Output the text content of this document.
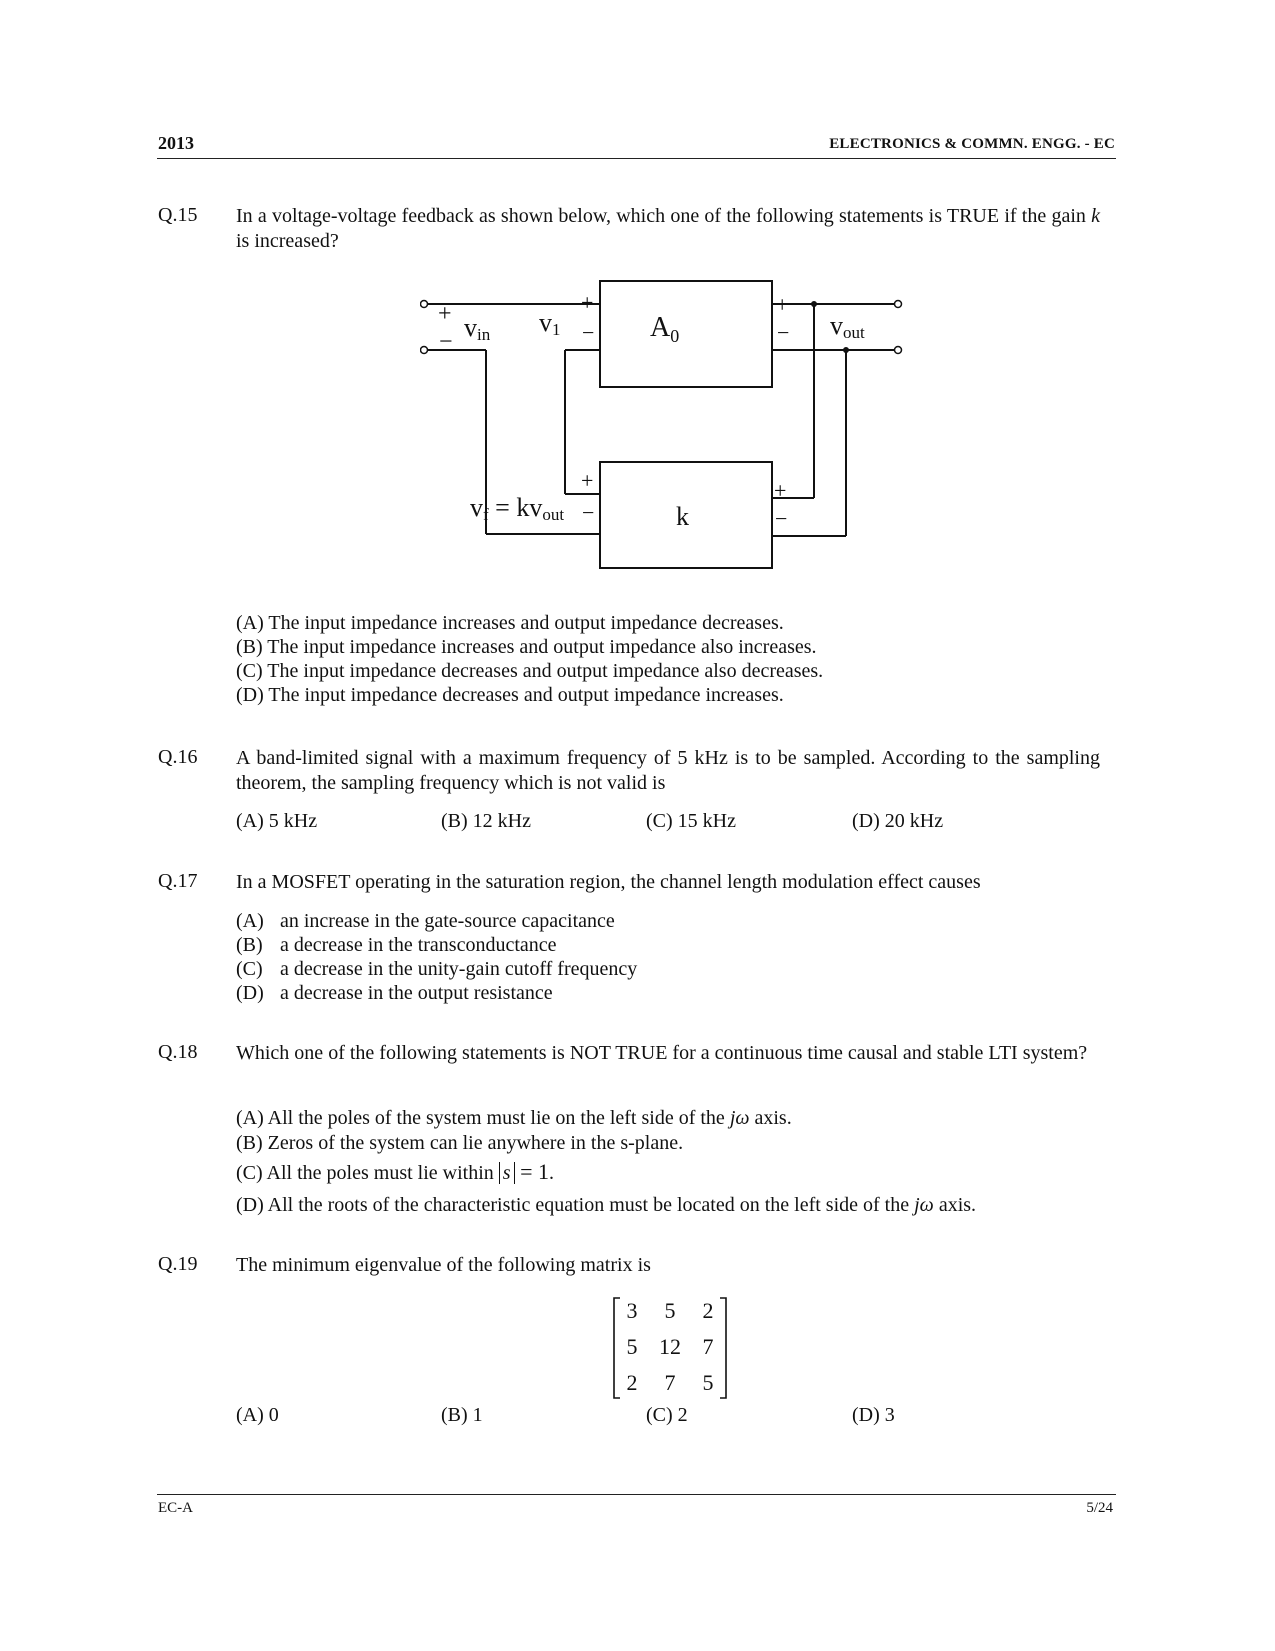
2013	ELECTRONICS & COMMN. ENGG. - EC
Q.15 In a voltage-voltage feedback as shown below, which one of the following statements is TRUE if the gain k is increased?
+
− vin v1
+
− $A_0$
+
− vout
vf = kvout
+
−	k
+
−
(A) The input impedance increases and output impedance decreases.
(B) The input impedance increases and output impedance also increases.
(C) The input impedance decreases and output impedance also decreases.
(D) The input impedance decreases and output impedance increases.
Q.16 A band-limited signal with a maximum frequency of 5 kHz is to be sampled. According to the sampling theorem, the sampling frequency which is not valid is
(A) 5 kHz	(B) 12 kHz	(C) 15 kHz	(D) 20 kHz
Q.17 In a MOSFET operating in the saturation region, the channel length modulation effect causes
(A) an increase in the gate-source capacitance
(B) a decrease in the transconductance
(C) a decrease in the unity-gain cutoff frequency
(D) a decrease in the output resistance
Q.18 Which one of the following statements is NOT TRUE for a continuous time causal and stable LTI system?
(A) All the poles of the system must lie on the left side of the jω axis.
(B) Zeros of the system can lie anywhere in the s-plane.
(C) All the poles must lie within s = 1.
(D) All the roots of the characteristic equation must be located on the left side of the jω axis.
Q.19 The minimum eigenvalue of the following matrix is
3	5	2
5 12 7
2	7	5
(A) 0	(B) 1	(C) 2	(D) 3
EC-A	5/24
